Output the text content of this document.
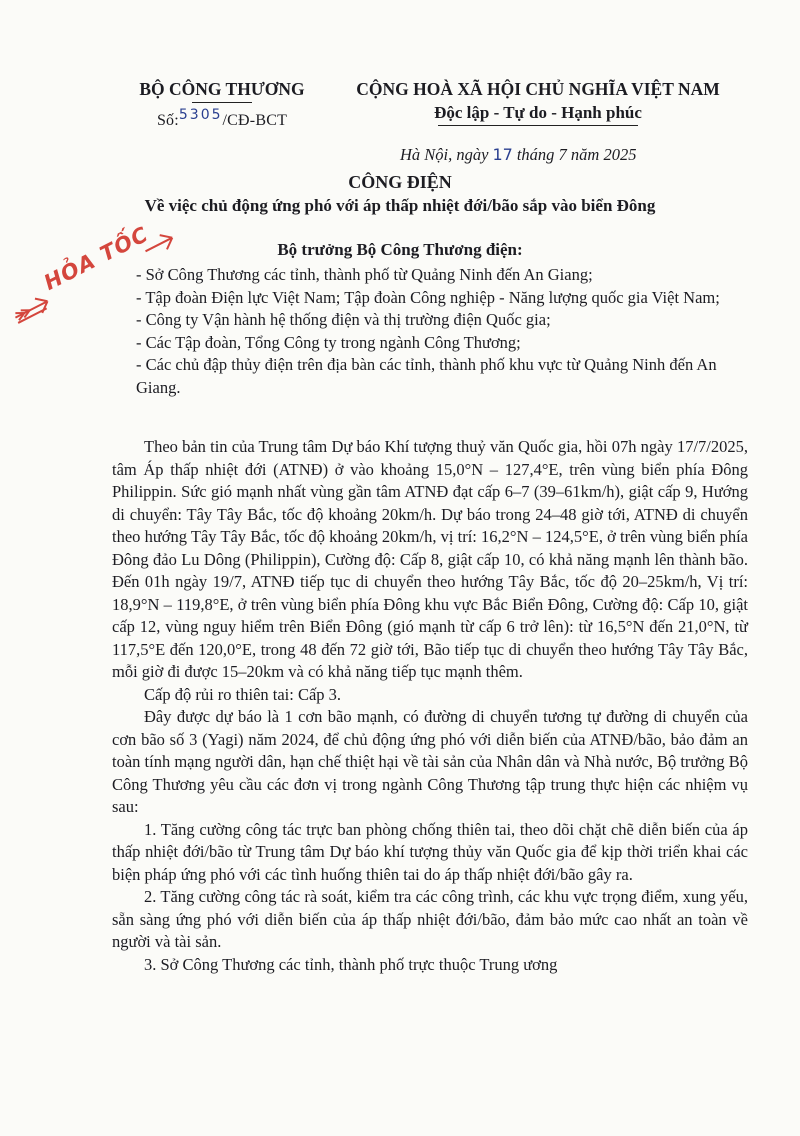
BỘ CÔNG THƯƠNG
Số:5305/CĐ-BCT
CỘNG HOÀ XÃ HỘI CHỦ NGHĨA VIỆT NAM
Độc lập - Tự do - Hạnh phúc
Hà Nội, ngày 17 tháng 7 năm 2025
CÔNG ĐIỆN
Về việc chủ động ứng phó với áp thấp nhiệt đới/bão sắp vào biển Đông
HỎA TỐC	Bộ trưởng Bộ Công Thương điện:
- Sở Công Thương các tỉnh, thành phố từ Quảng Ninh đến An Giang;
- Tập đoàn Điện lực Việt Nam; Tập đoàn Công nghiệp - Năng lượng quốc gia Việt Nam;
- Công ty Vận hành hệ thống điện và thị trường điện Quốc gia;
- Các Tập đoàn, Tổng Công ty trong ngành Công Thương;
- Các chủ đập thủy điện trên địa bàn các tỉnh, thành phố khu vực từ Quảng Ninh đến An Giang.

Theo bản tin của Trung tâm Dự báo Khí tượng thuỷ văn Quốc gia, hồi 07h ngày 17/7/2025, tâm Áp thấp nhiệt đới (ATNĐ) ở vào khoảng 15,0°N – 127,4°E, trên vùng biển phía Đông Philippin. Sức gió mạnh nhất vùng gần tâm ATNĐ đạt cấp 6–7 (39–61km/h), giật cấp 9, Hướng di chuyển: Tây Tây Bắc, tốc độ khoảng 20km/h. Dự báo trong 24–48 giờ tới, ATNĐ di chuyển theo hướng Tây Tây Bắc, tốc độ khoảng 20km/h, vị trí: 16,2°N – 124,5°E, ở trên vùng biển phía Đông đảo Lu Dông (Philippin), Cường độ: Cấp 8, giật cấp 10, có khả năng mạnh lên thành bão. Đến 01h ngày 19/7, ATNĐ tiếp tục di chuyển theo hướng Tây Bắc, tốc độ 20–25km/h, Vị trí: 18,9°N – 119,8°E, ở trên vùng biển phía Đông khu vực Bắc Biển Đông, Cường độ: Cấp 10, giật cấp 12, vùng nguy hiểm trên Biển Đông (gió mạnh từ cấp 6 trở lên): từ 16,5°N đến 21,0°N, từ 117,5°E đến 120,0°E, trong 48 đến 72 giờ tới, Bão tiếp tục di chuyển theo hướng Tây Tây Bắc, mỗi giờ đi được 15–20km và có khả năng tiếp tục mạnh thêm.

Cấp độ rủi ro thiên tai: Cấp 3.

Đây được dự báo là 1 cơn bão mạnh, có đường di chuyển tương tự đường di chuyển của cơn bão số 3 (Yagi) năm 2024, để chủ động ứng phó với diễn biến của ATNĐ/bão, bảo đảm an toàn tính mạng người dân, hạn chế thiệt hại về tài sản của Nhân dân và Nhà nước, Bộ trưởng Bộ Công Thương yêu cầu các đơn vị trong ngành Công Thương tập trung thực hiện các nhiệm vụ sau:

1. Tăng cường công tác trực ban phòng chống thiên tai, theo dõi chặt chẽ diễn biến của áp thấp nhiệt đới/bão từ Trung tâm Dự báo khí tượng thủy văn Quốc gia để kịp thời triển khai các biện pháp ứng phó với các tình huống thiên tai do áp thấp nhiệt đới/bão gây ra.

2. Tăng cường công tác rà soát, kiểm tra các công trình, các khu vực trọng điểm, xung yếu, sẵn sàng ứng phó với diễn biến của áp thấp nhiệt đới/bão, đảm bảo mức cao nhất an toàn về người và tài sản.

3. Sở Công Thương các tỉnh, thành phố trực thuộc Trung ương
